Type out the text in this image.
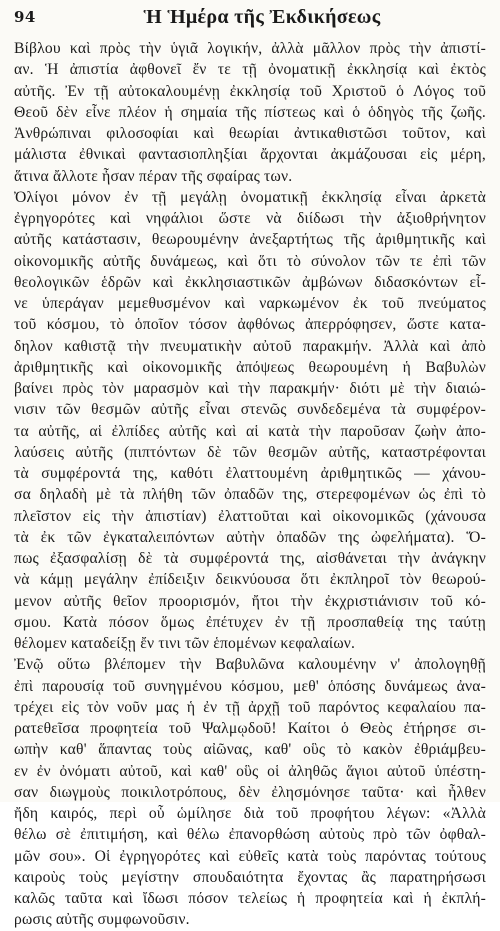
94	Ἡ Ἡμέρα τῆς Ἐκδικήσεως
Βίβλου καὶ πρὸς τὴν ὑγιᾶ λογικήν, ἀλλὰ μᾶλλον πρὸς τὴν ἀπιστί-
αν. Ἡ ἀπιστία ἀφθονεῖ ἔν τε τῇ ὀνοματικῇ ἐκκλησίᾳ καὶ ἐκτὸς
αὐτῆς. Ἐν τῇ αὐτοκαλουμένῃ ἐκκλησίᾳ τοῦ Χριστοῦ ὁ Λόγος τοῦ
Θεοῦ δὲν εἶνε πλέον ἡ σημαία τῆς πίστεως καὶ ὁ ὁδηγὸς τῆς ζωῆς.
Ἀνθρώπιναι φιλοσοφίαι καὶ θεωρίαι ἀντικαθιστῶσι τοῦτον, καὶ
μάλιστα ἐθνικαὶ φαντασιοπληξίαι ἄρχονται ἀκμάζουσαι εἰς μέρη,
ἅτινα ἄλλοτε ἦσαν πέραν τῆς σφαίρας των.
Ὀλίγοι μόνον ἐν τῇ μεγάλῃ ὀνοματικῇ ἐκκλησίᾳ εἶναι ἀρκετὰ
ἐγρηγορότες καὶ νηφάλιοι ὥστε νὰ διίδωσι τὴν ἀξιοθρήνητον
αὐτῆς κατάστασιν, θεωρουμένην ἀνεξαρτήτως τῆς ἀριθμητικῆς καὶ
οἰκονομικῆς αὐτῆς δυνάμεως, καὶ ὅτι τὸ σύνολον τῶν τε ἐπὶ τῶν
θεολογικῶν ἑδρῶν καὶ ἐκκλησιαστικῶν ἀμβώνων διδασκόντων εἶ-
νε ὑπεράγαν μεμεθυσμένον καὶ ναρκωμένον ἐκ τοῦ πνεύματος
τοῦ κόσμου, τὸ ὁποῖον τόσον ἀφθόνως ἀπερρόφησεν, ὥστε κατα-
δηλον καθιστᾷ τὴν πνευματικὴν αὐτοῦ παρακμήν. Ἀλλὰ καὶ ἀπὸ
ἀριθμητικῆς καὶ οἰκονομικῆς ἀπόψεως θεωρουμένη ἡ Βαβυλὼν
βαίνει πρὸς τὸν μαρασμὸν καὶ τὴν παρακμήν· διότι μὲ τὴν διαιώ-
νισιν τῶν θεσμῶν αὐτῆς εἶναι στενῶς συνδεδεμένα τὰ συμφέρον-
τα αὐτῆς, αἱ ἐλπίδες αὐτῆς καὶ αἱ κατὰ τὴν παροῦσαν ζωὴν ἀπο-
λαύσεις αὐτῆς (πιπτόντων δὲ τῶν θεσμῶν αὐτῆς, καταστρέφονται
τὰ συμφέροντά της, καθότι ἐλαττουμένη ἀριθμητικῶς — χάνου-
σα δηλαδὴ μὲ τὰ πλήθη τῶν ὀπαδῶν της, στερεφομένων ὡς ἐπὶ τὸ
πλεῖστον εἰς τὴν ἀπιστίαν) ἐλαττοῦται καὶ οἰκονομικῶς (χάνουσα
τὰ ἐκ τῶν ἐγκαταλειπόντων αὐτὴν ὀπαδῶν της ὠφελήματα). Ὅ-
πως ἐξασφαλίσῃ δὲ τὰ συμφέροντά της, αἰσθάνεται τὴν ἀνάγκην
νὰ κάμῃ μεγάλην ἐπίδειξιν δεικνύουσα ὅτι ἐκπληροῖ τὸν θεωρού-
μενον αὐτῆς θεῖον προορισμόν, ἤτοι τὴν ἐκχριστιάνισιν τοῦ κό-
σμου. Κατὰ πόσον ὅμως ἐπέτυχεν ἐν τῇ προσπαθείᾳ της ταύτῃ
θέλομεν καταδείξῃ ἔν τινι τῶν ἑπομένων κεφαλαίων.
Ἐνῷ οὕτω βλέπομεν τὴν Βαβυλῶνα καλουμένην ν' ἀπολογηθῇ
ἐπὶ παρουσίᾳ τοῦ συνηγμένου κόσμου, μεθ' ὁπόσης δυνάμεως ἀνα-
τρέχει εἰς τὸν νοῦν μας ἡ ἐν τῇ ἀρχῇ τοῦ παρόντος κεφαλαίου πα-
ρατεθεῖσα προφητεία τοῦ Ψαλμῳδοῦ! Καίτοι ὁ Θεὸς ἐτήρησε σι-
ωπὴν καθ' ἅπαντας τοὺς αἰῶνας, καθ' οὓς τὸ κακὸν ἐθριάμβευ-
εν ἐν ὀνόματι αὐτοῦ, καὶ καθ' οὓς οἱ ἀληθῶς ἅγιοι αὐτοῦ ὑπέστη-
σαν διωγμοὺς ποικιλοτρόπους, δὲν ἐλησμόνησε ταῦτα· καὶ ἦλθεν
ἤδη καιρός, περὶ οὗ ὡμίλησε διὰ τοῦ προφήτου λέγων: «Ἀλλὰ
θέλω σὲ ἐπιτιμήση, καὶ θέλω ἐπανορθώση αὐτοὺς πρὸ τῶν ὀφθαλ-
μῶν σου». Οἱ ἐγρηγορότες καὶ εὐθεῖς κατὰ τοὺς παρόντας τούτους
καιροὺς τοὺς μεγίστην σπουδαιότητα ἔχοντας ἂς παρατηρήσωσι
καλῶς ταῦτα καὶ ἴδωσι πόσον τελείως ἡ προφητεία καὶ ἡ ἐκπλή-
ρωσις αὐτῆς συμφωνοῦσιν.
